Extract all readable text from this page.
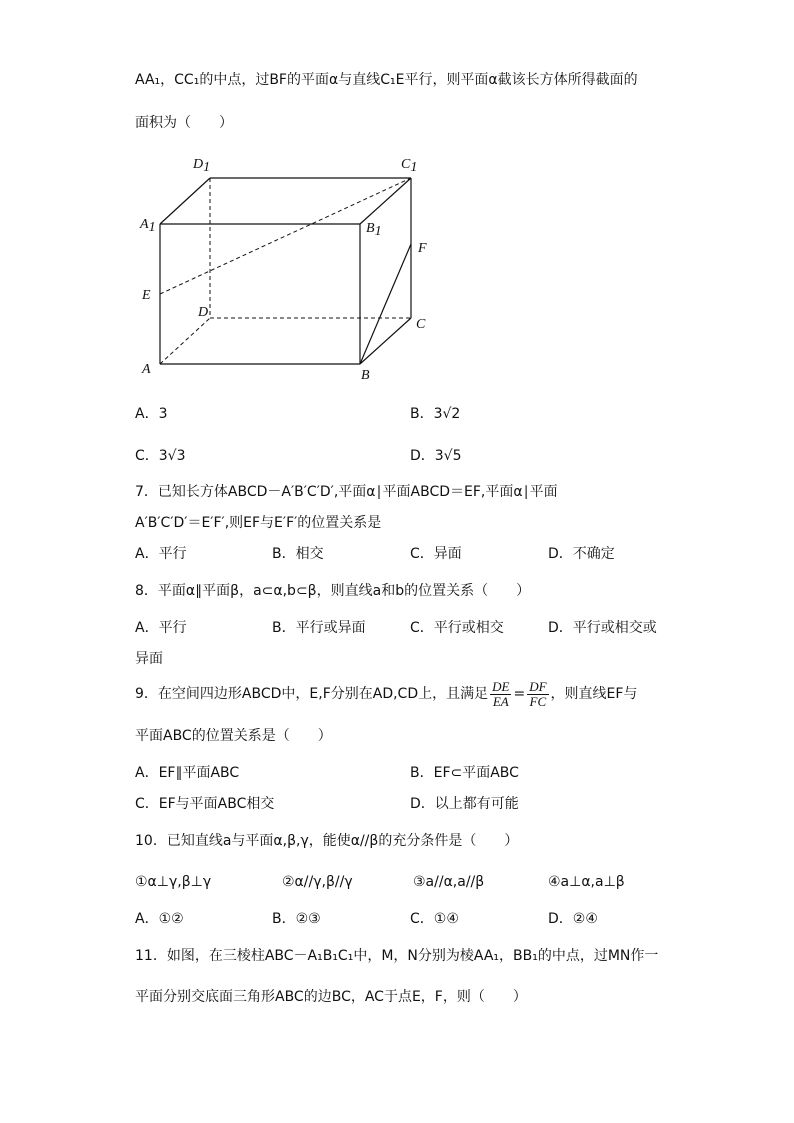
AA₁，CC₁的中点，过BF的平面α与直线C₁E平行，则平面α截该长方体所得截面的
面积为（　　）
D1	C1
A1	B1
F
E
D
C
A	B
A．3	B．3√2
C．3√3	D．3√5
7．已知长方体ABCD－A′B′C′D′,平面α∣平面ABCD＝EF,平面α∣平面
A′B′C′D′＝E′F′,则EF与E′F′的位置关系是
A．平行	B．相交	C．异面	D．不确定
8．平面α∥平面β，a⊂α,b⊂β，则直线a和b的位置关系（　　）
A．平行	B．平行或异面	C．平行或相交	D．平行或相交或
异面
9．在空间四边形ABCD中，E,F分别在AD,CD上，且满足 $\frac{DE}{EA} = \frac{DF}{FC}$ ，则直线EF与
平面ABC的位置关系是（　　）
A．EF∥平面ABC	B．EF⊂平面ABC
C．EF与平面ABC相交	D．以上都有可能
10．已知直线a与平面α,β,γ，能使α//β的充分条件是（　　）
①α⊥γ,β⊥γ	②α//γ,β//γ	③a//α,a//β	④a⊥α,a⊥β
A．①②	B．②③	C．①④	D．②④
11．如图，在三棱柱ABC－A₁B₁C₁中，M，N分别为棱AA₁，BB₁的中点，过MN作一
平面分别交底面三角形ABC的边BC，AC于点E，F，则（　　）
